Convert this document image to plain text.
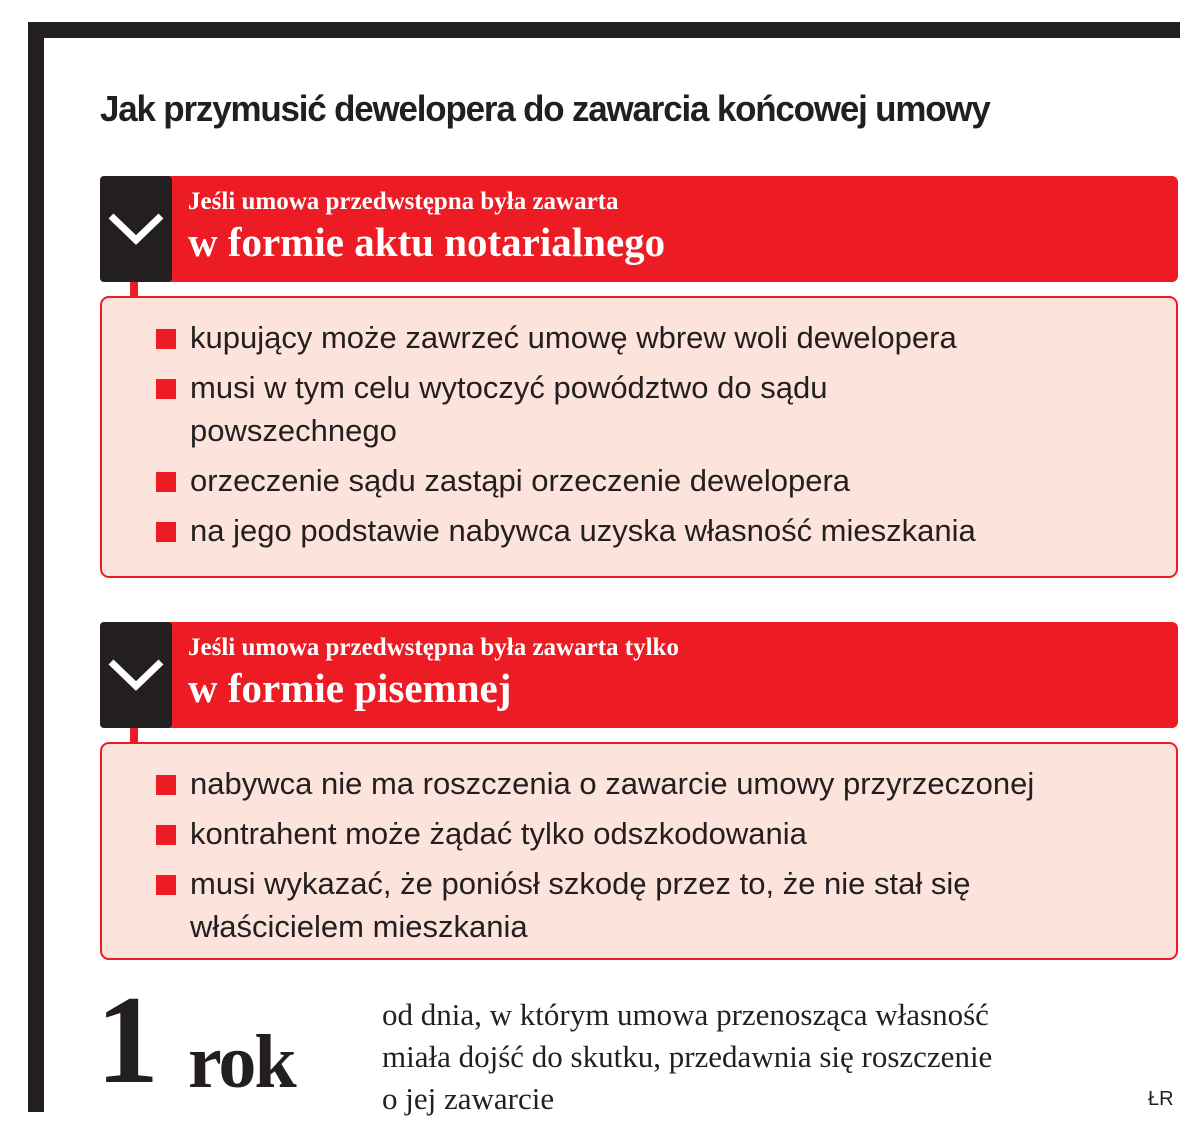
Jak przymusić dewelopera do zawarcia końcowej umowy
Jeśli umowa przedwstępna była zawarta
w formie aktu notarialnego
kupujący może zawrzeć umowę wbrew woli dewelopera
musi w tym celu wytoczyć powództwo do sądu
powszechnego
orzeczenie sądu zastąpi orzeczenie dewelopera
na jego podstawie nabywca uzyska własność mieszkania
Jeśli umowa przedwstępna była zawarta tylko
w formie pisemnej
nabywca nie ma roszczenia o zawarcie umowy przyrzeczonej
kontrahent może żądać tylko odszkodowania
musi wykazać, że poniósł szkodę przez to, że nie stał się
właścicielem mieszkania
1 rok
od dnia, w którym umowa przenosząca własność
miała dojść do skutku, przedawnia się roszczenie
o jej zawarcie	ŁR
